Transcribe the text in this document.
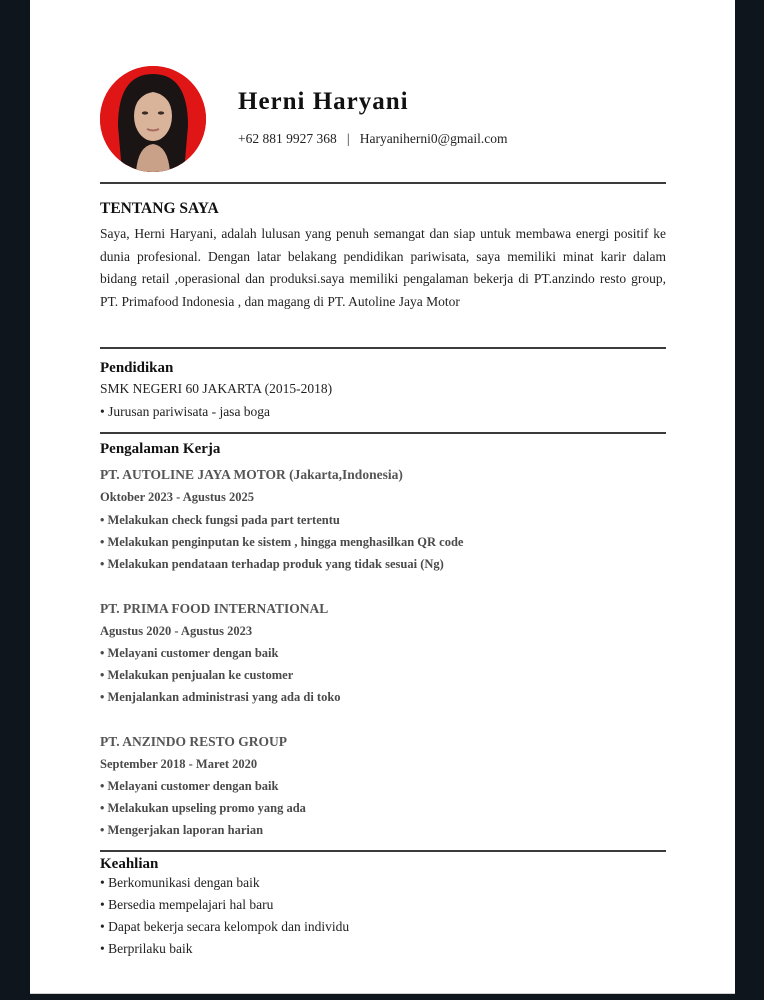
Herni Haryani
+62 881 9927 368 | Haryaniherni0@gmail.com
TENTANG SAYA
Saya, Herni Haryani, adalah lulusan yang penuh semangat dan siap untuk membawa energi positif ke dunia profesional. Dengan latar belakang pendidikan pariwisata, saya memiliki minat karir dalam bidang retail ,operasional dan produksi.saya memiliki pengalaman bekerja di PT.anzindo resto group, PT. Primafood Indonesia , dan magang di PT. Autoline Jaya Motor
Pendidikan
SMK NEGERI 60 JAKARTA (2015-2018)
• Jurusan pariwisata - jasa boga
Pengalaman Kerja
PT. AUTOLINE JAYA MOTOR (Jakarta,Indonesia)
Oktober 2023 - Agustus 2025
• Melakukan check fungsi pada part tertentu
• Melakukan penginputan ke sistem , hingga menghasilkan QR code
• Melakukan pendataan terhadap produk yang tidak sesuai (Ng)
PT. PRIMA FOOD INTERNATIONAL
Agustus 2020 - Agustus 2023
• Melayani customer dengan baik
• Melakukan penjualan ke customer
• Menjalankan administrasi yang ada di toko
PT. ANZINDO RESTO GROUP
September 2018 - Maret 2020
• Melayani customer dengan baik
• Melakukan upseling promo yang ada
• Mengerjakan laporan harian
Keahlian
• Berkomunikasi dengan baik
• Bersedia mempelajari hal baru
• Dapat bekerja secara kelompok dan individu
• Berprilaku baik
